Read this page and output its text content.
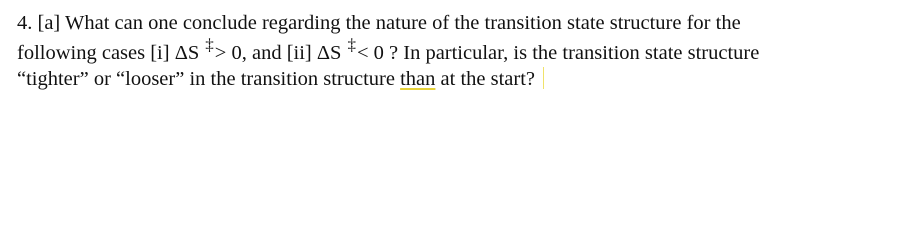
4. [a] What can one conclude regarding the nature of the transition state structure for the
following cases [i] ΔS ‡> 0, and [ii] ΔS ‡< 0 ? In particular, is the transition state structure
“tighter” or “looser” in the transition structure than at the start?
